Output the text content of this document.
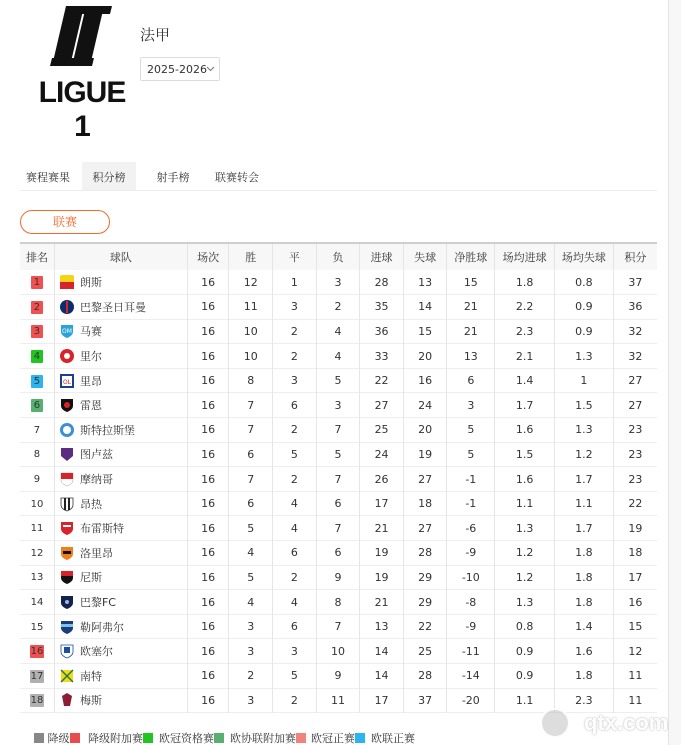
LIGUE 1
法甲
2025-2026
赛程赛果	积分榜	射手榜	联赛转会
联赛
排名	球队	场次	胜	平	负	进球	失球	净胜球	场均进球	场均失球	积分
1	朗斯	16	12	1	3	28	13	15	1.8	0.8	37
2	巴黎圣日耳曼	16	11	3	2	35	14	21	2.2	0.9	36
3	OM 马赛	16	10	2	4	36	15	21	2.3	0.9	32
4	里尔	16	10	2	4	33	20	13	2.1	1.3	32
5	OL 里昂	16	8	3	5	22	16	6	1.4	1	27
6	雷恩	16	7	6	3	27	24	3	1.7	1.5	27
7	斯特拉斯堡	16	7	2	7	25	20	5	1.6	1.3	23
8	图卢兹	16	6	5	5	24	19	5	1.5	1.2	23
9	摩纳哥	16	7	2	7	26	27	-1	1.6	1.7	23
10	昂热	16	6	4	6	17	18	-1	1.1	1.1	22
11	布雷斯特	16	5	4	7	21	27	-6	1.3	1.7	19
12	洛里昂	16	4	6	6	19	28	-9	1.2	1.8	18
13	尼斯	16	5	2	9	19	29	-10	1.2	1.8	17
14	巴黎FC	16	4	4	8	21	29	-8	1.3	1.8	16
15	勒阿弗尔	16	3	6	7	13	22	-9	0.8	1.4	15
16	欧塞尔	16	3	3	10	14	25	-11	0.9	1.6	12
17	南特	16	2	5	9	14	28	-14	0.9	1.8	11
18	梅斯	16	3	2	11	17	37	-20	1.1	2.3	11
降级	降级附加赛	欧冠资格赛	欧协联附加赛	欧冠正赛	欧联正赛
qtx.com
